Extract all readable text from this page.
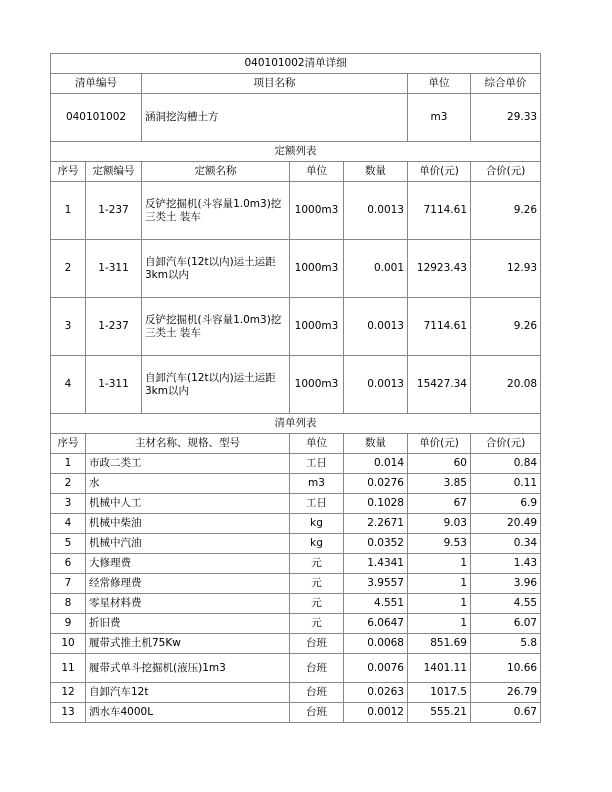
040101002清单详细						
清单编号		项目名称			单位	综合单价
040101002		涵洞挖沟槽土方			m3	29.33
定额列表						
序号	定额编号	定额名称	单位	数量	单价(元)	合价(元)
1	1-237	反铲挖掘机(斗容量1.0m3)挖三类土 装车	1000m3	0.0013	7114.61	9.26
2	1-311	自卸汽车(12t以内)运土运距3km以内	1000m3	0.001	12923.43	12.93
3	1-237	反铲挖掘机(斗容量1.0m3)挖三类土 装车	1000m3	0.0013	7114.61	9.26
4	1-311	自卸汽车(12t以内)运土运距3km以内	1000m3	0.0013	15427.34	20.08
清单列表						
序号	主材名称、规格、型号		单位	数量	单价(元)	合价(元)
1	市政二类工		工日	0.014	60	0.84
2	水		m3	0.0276	3.85	0.11
3	机械中人工		工日	0.1028	67	6.9
4	机械中柴油		kg	2.2671	9.03	20.49
5	机械中汽油		kg	0.0352	9.53	0.34
6	大修理费		元	1.4341	1	1.43
7	经常修理费		元	3.9557	1	3.96
8	零星材料费		元	4.551	1	4.55
9	折旧费		元	6.0647	1	6.07
10	履带式推土机75Kw		台班	0.0068	851.69	5.8
11	履带式单斗挖掘机(液压)1m3		台班	0.0076	1401.11	10.66
12	自卸汽车12t		台班	0.0263	1017.5	26.79
13	洒水车4000L		台班	0.0012	555.21	0.67
